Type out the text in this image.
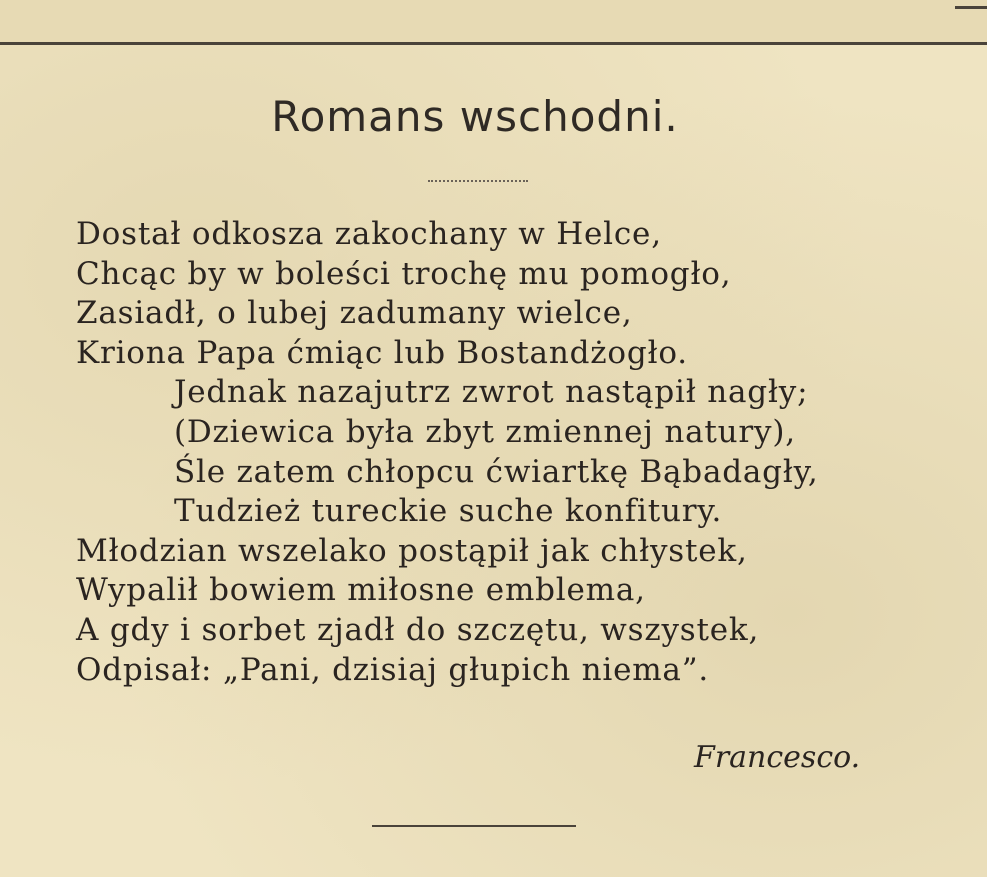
Romans wschodni.
Dostał odkosza zakochany w Helce,
Chcąc by w boleści trochę mu pomogło,
Zasiadł, o lubej zadumany wielce,
Kriona Papa ćmiąc lub Bostandżogło.
Jednak nazajutrz zwrot nastąpił nagły;
(Dziewica była zbyt zmiennej natury),
Śle zatem chłopcu ćwiartkę Bąbadagły,
Tudzież tureckie suche konfitury.
Młodzian wszelako postąpił jak chłystek,
Wypalił bowiem miłosne emblema,
A gdy i sorbet zjadł do szczętu, wszystek,
Odpisał: „Pani, dzisiaj głupich niema”.
Francesco.
